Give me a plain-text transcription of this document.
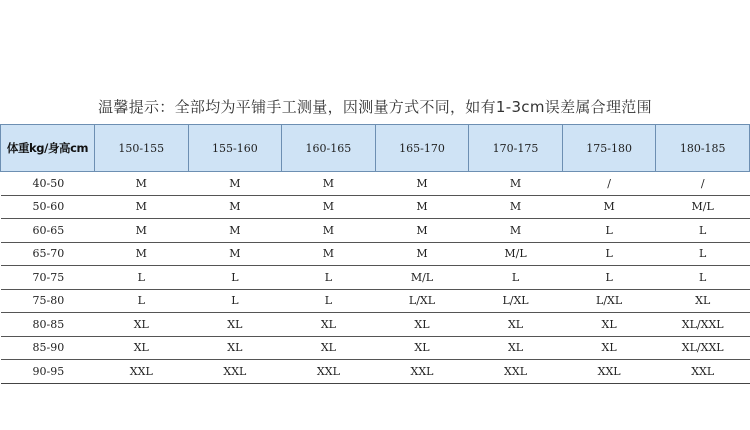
温馨提示：全部均为平铺手工测量，因测量方式不同，如有1-3cm误差属合理范围
体重kg/身高cm	150-155	155-160	160-165	165-170	170-175	175-180	180-185
40-50	M	M	M	M	M	/	/
50-60	M	M	M	M	M	M	M/L
60-65	M	M	M	M	M	L	L
65-70	M	M	M	M	M/L	L	L
70-75	L	L	L	M/L	L	L	L
75-80	L	L	L	L/XL	L/XL	L/XL	XL
80-85	XL	XL	XL	XL	XL	XL	XL/XXL
85-90	XL	XL	XL	XL	XL	XL	XL/XXL
90-95	XXL	XXL	XXL	XXL	XXL	XXL	XXL
